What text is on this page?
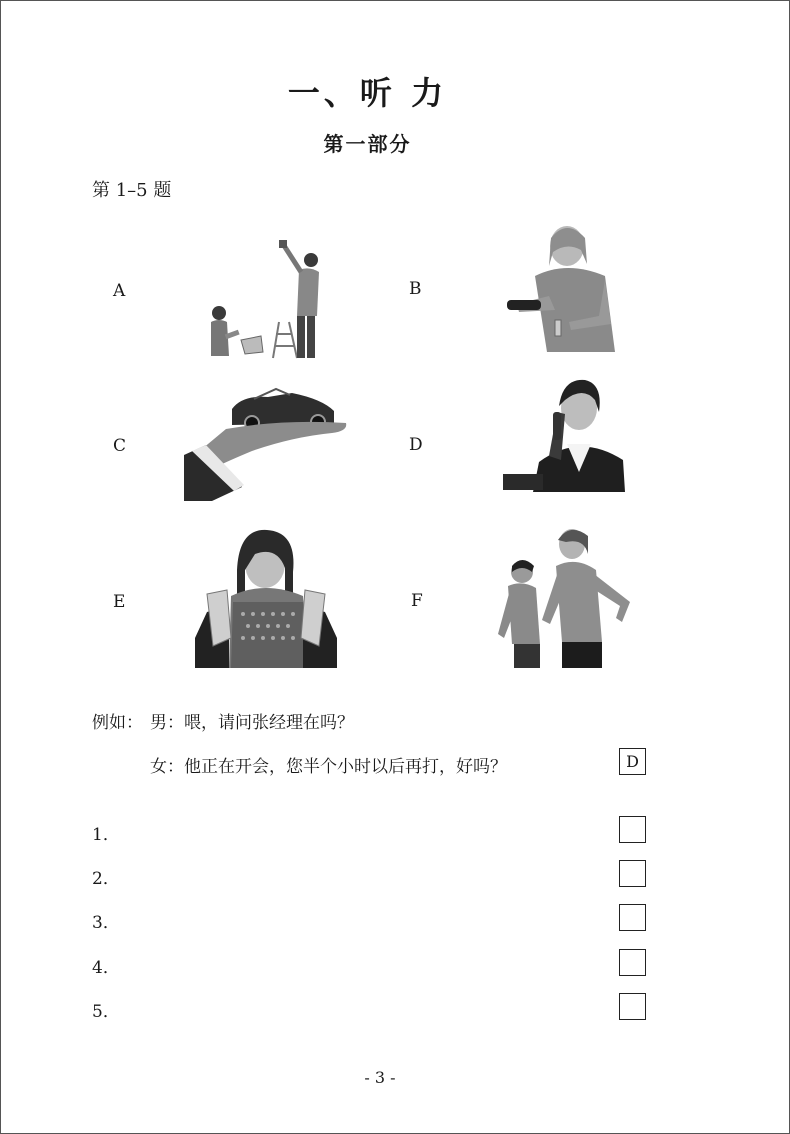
一、听 力
第一部分
第 1–5 题
A	B
C	D
E	F
例如： 男：喂，请问张经理在吗？
女：他正在开会，您半个小时以后再打，好吗？	D
1．
2．
3．
4．
5．
- 3 -
